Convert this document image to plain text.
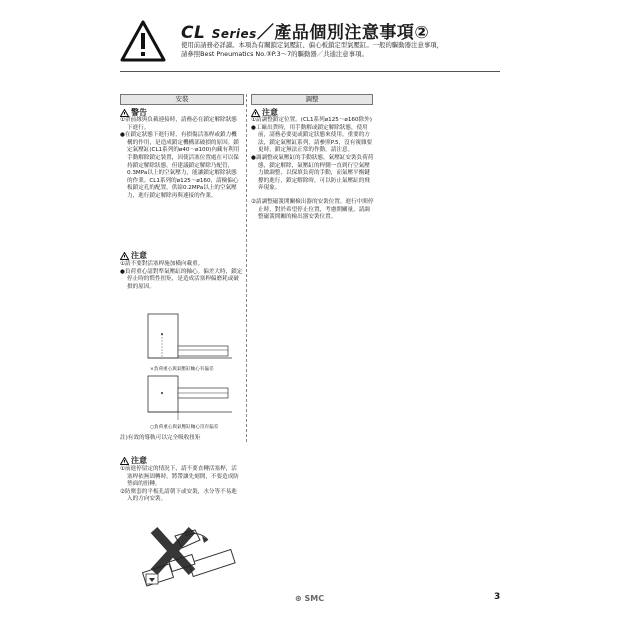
CL Series／產品個別注意事項②
使用前請務必詳讀。本項為有關鎖定氣壓缸、偏心板鎖定型氣壓缸。一般的驅動器注意事項，
請參照Best Pneumatics No.③P.3～7的驅動器／共通注意事項。
安裝
警告

①帶前緣與負載連接時，請務必在鎖定解除狀態下進行。

●在鎖定狀態下進行時，有損傷活塞桿或鎖力機構的作用，是造成鎖定機構部破損的原因。鎖定氣壓缸(CL1系列的ø40～ø100)內藏有利用手動解除鎖定裝置，因使活塞位置處在可以保持鎖定解除狀態。但建議鎖定解除乃配管，0.3MPa以上的空氣壓力，能讓鎖定解除狀態的作業。CL1系列的ø125～ø160，請檢偏心板鎖定孔的配置，供給0.2MPa以上的空氣壓力，進行鎖定解除再與連接的作業。

注意

①請不要對活塞桿施加橫向載重。

●負荷重心請對準氣壓缸的軸心。偏差大時，鎖定停止時的慣性扭矩，是造成活塞桿偏磨耗或破損的原因。

×負荷重心與氣壓缸軸心有偏差
○負荷重心與氣壓缸軸心沒有偏差
註)有效的導軌可以完全吸收扭矩
注意

①前進停留定的情況下，請不要直轉活塞桿，活塞桿依無固轉時，將帶讓先刻開，不要造成防墊面的扭轉。

②防塵套的平板孔請朝下或安裝，水分等不易進入的方向安裝。

調整
注意

①請調整鎖定位置。(CL1系列ø125～ø160除外)

●工廠出貨時，用手動解或鎖定解除狀態，使用前，請務必要更或鎖定狀態來使用。重要的方法，鎖定氣壓缸系列，請參照P.5，沒有複雜要更時，鎖定無法正常的作動，請注意。

●調調整或氣壓缸的手動狀態，氣壓缸安裝負荷荷態，鎖定解除，氣壓缸的桿側一直到行空氣壓力做調整，以保填負荷的手動，而氣壓平衡鍵撐的進行，鎖定解除時，可以防止氣壓缸的飛奔現象。

②請調整磁簧開關檢出器的安裝位置。進行中間停止時，對於希望停止位置，考慮開關量，請調整磁簧開關的檢出器安裝位置。

⊛ SMC	3
